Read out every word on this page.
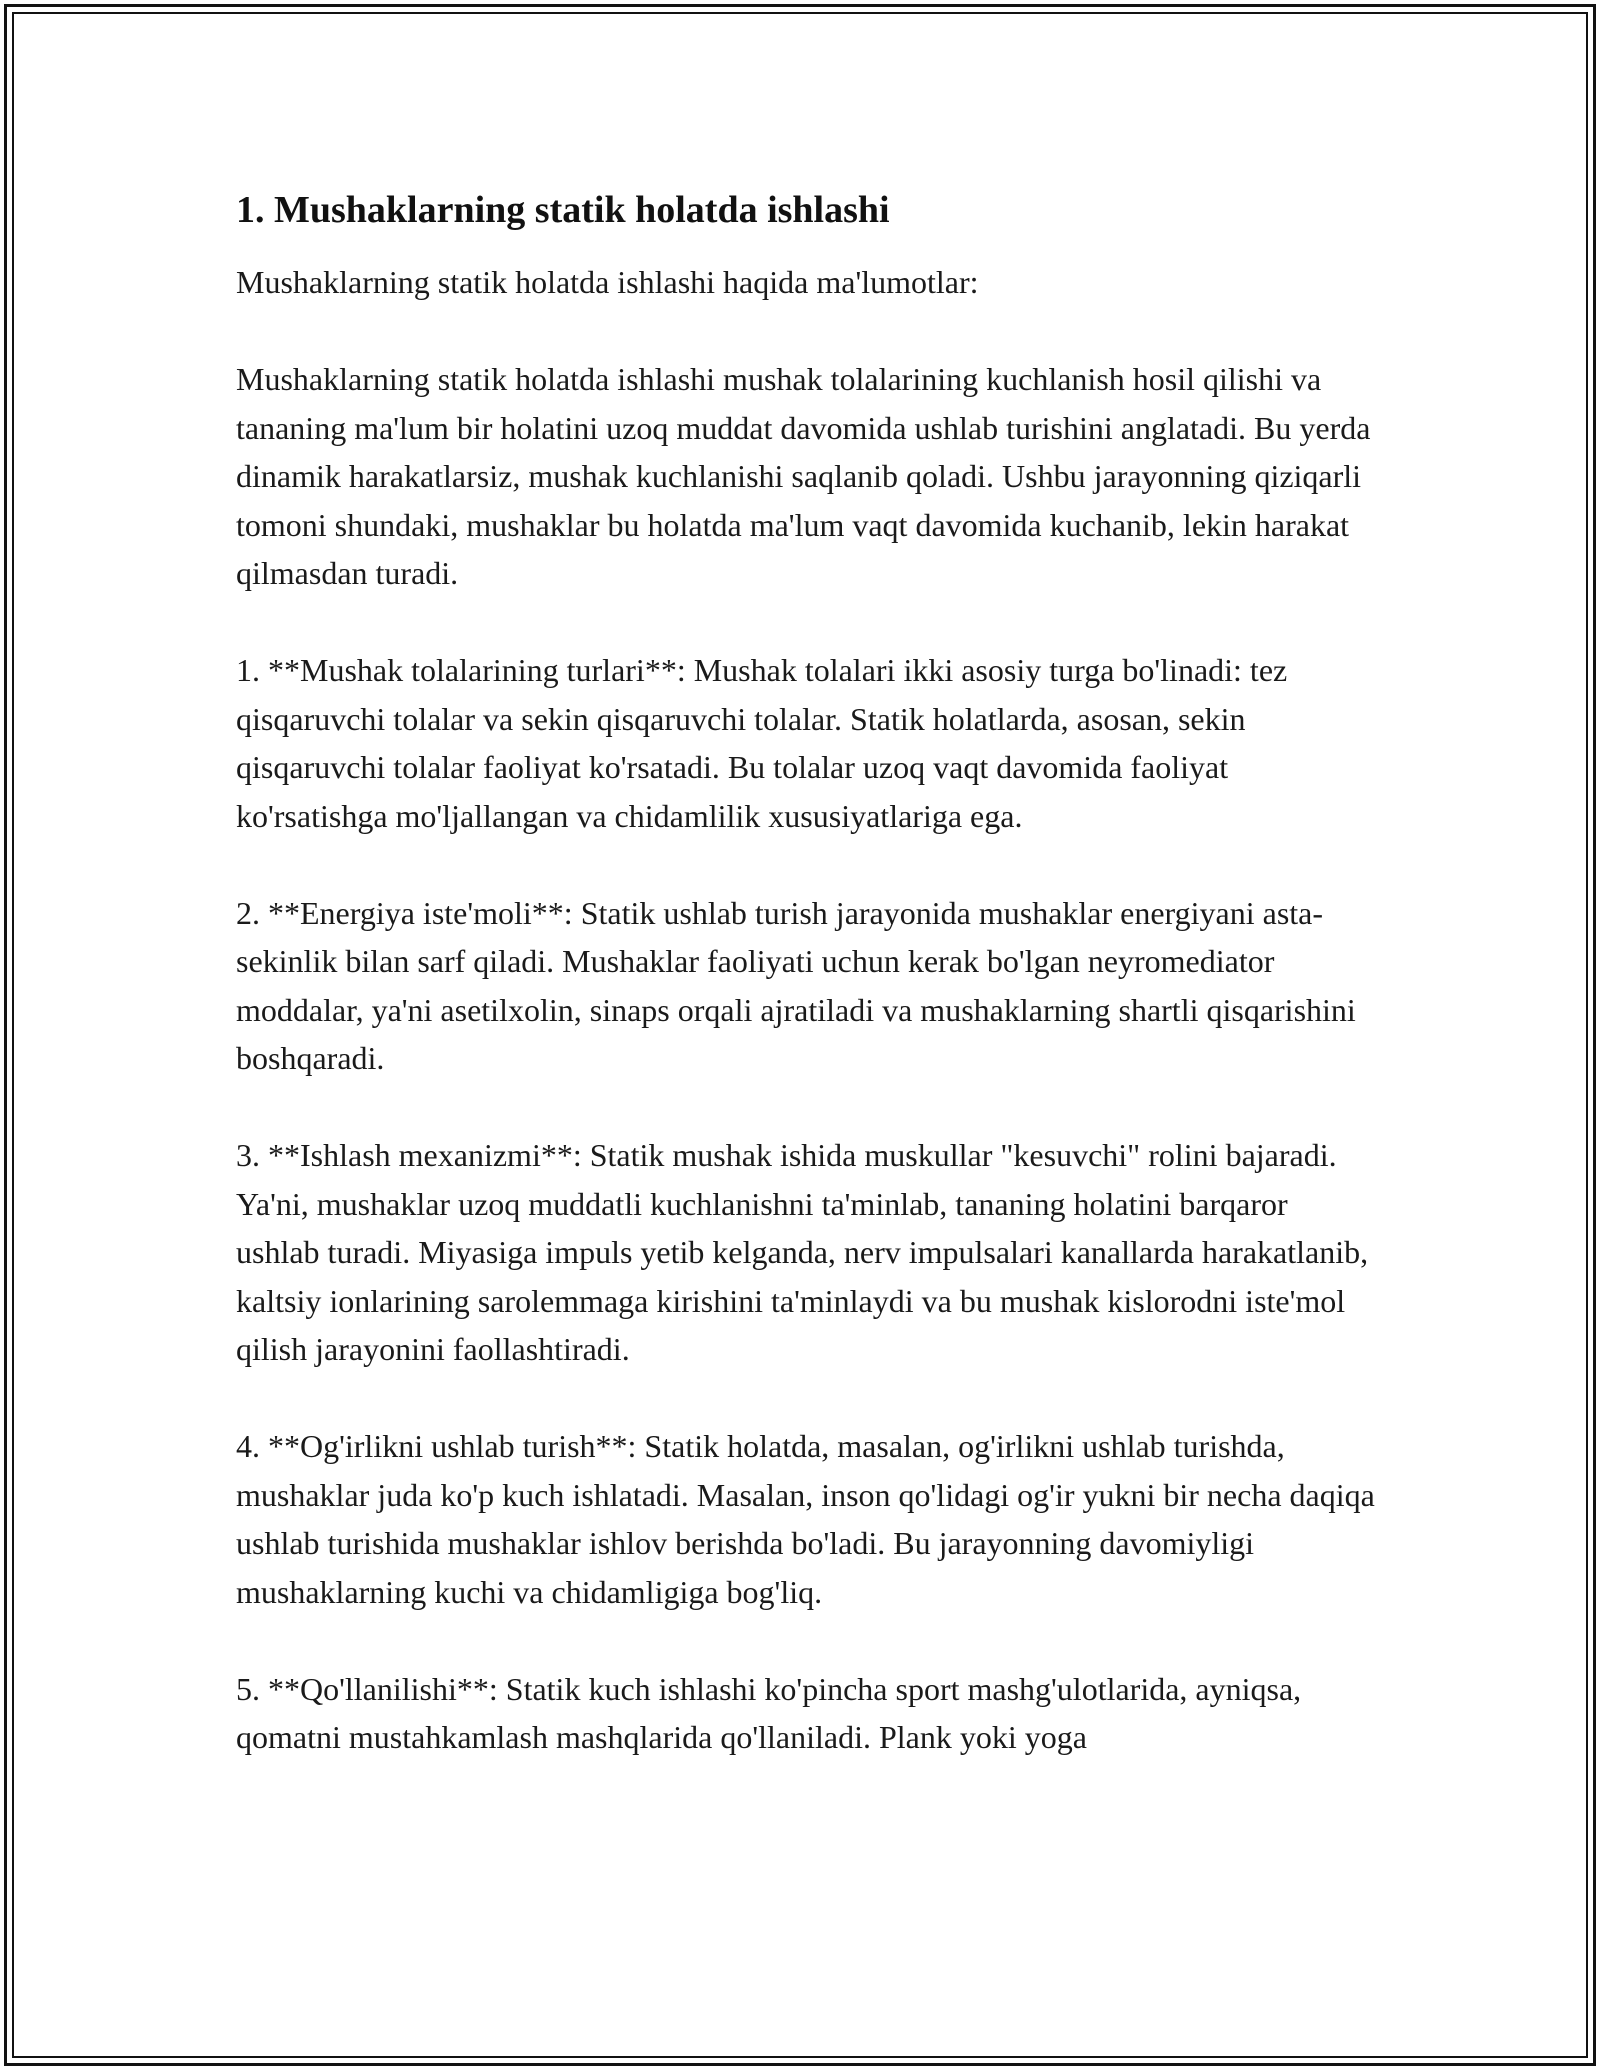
1. Mushaklarning statik holatda ishlashi

Mushaklarning statik holatda ishlashi haqida ma'lumotlar:

Mushaklarning statik holatda ishlashi mushak tolalarining kuchlanish hosil qilishi va tananing ma'lum bir holatini uzoq muddat davomida ushlab turishini anglatadi. Bu yerda dinamik harakatlarsiz, mushak kuchlanishi saqlanib qoladi. Ushbu jarayonning qiziqarli tomoni shundaki, mushaklar bu holatda ma'lum vaqt davomida kuchanib, lekin harakat qilmasdan turadi.

1. **Mushak tolalarining turlari**: Mushak tolalari ikki asosiy turga bo'linadi: tez qisqaruvchi tolalar va sekin qisqaruvchi tolalar. Statik holatlarda, asosan, sekin qisqaruvchi tolalar faoliyat ko'rsatadi. Bu tolalar uzoq vaqt davomida faoliyat ko'rsatishga mo'ljallangan va chidamlilik xususiyatlariga ega.

2. **Energiya iste'moli**: Statik ushlab turish jarayonida mushaklar energiyani asta-sekinlik bilan sarf qiladi. Mushaklar faoliyati uchun kerak bo'lgan neyromediator moddalar, ya'ni asetilxolin, sinaps orqali ajratiladi va mushaklarning shartli qisqarishini boshqaradi.

3. **Ishlash mexanizmi**: Statik mushak ishida muskullar "kesuvchi" rolini bajaradi. Ya'ni, mushaklar uzoq muddatli kuchlanishni ta'minlab, tananing holatini barqaror ushlab turadi. Miyasiga impuls yetib kelganda, nerv impulsalari kanallarda harakatlanib, kaltsiy ionlarining sarolemmaga kirishini ta'minlaydi va bu mushak kislorodni iste'mol qilish jarayonini faollashtiradi.

4. **Og'irlikni ushlab turish**: Statik holatda, masalan, og'irlikni ushlab turishda, mushaklar juda ko'p kuch ishlatadi. Masalan, inson qo'lidagi og'ir yukni bir necha daqiqa ushlab turishida mushaklar ishlov berishda bo'ladi. Bu jarayonning davomiyligi mushaklarning kuchi va chidamligiga bog'liq.

5. **Qo'llanilishi**: Statik kuch ishlashi ko'pincha sport mashg'ulotlarida, ayniqsa, qomatni mustahkamlash mashqlarida qo'llaniladi. Plank yoki yoga
